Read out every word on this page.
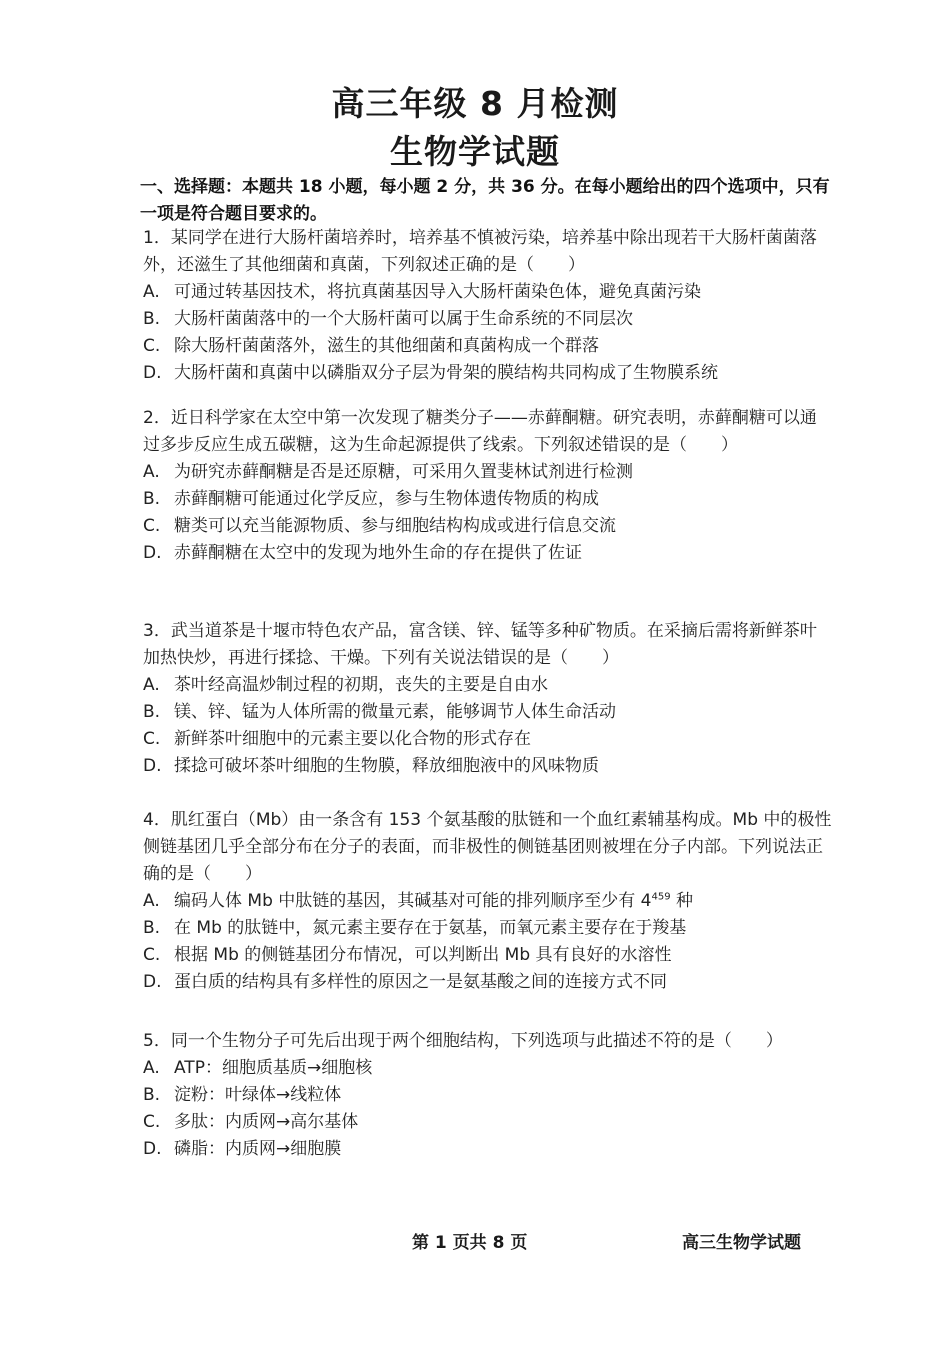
高三年级 8 月检测
生物学试题
一、选择题：本题共 18 小题，每小题 2 分，共 36 分。在每小题给出的四个选项中，只有一项是符合题目要求的。

1．某同学在进行大肠杆菌培养时，培养基不慎被污染，培养基中除出现若干大肠杆菌菌落外，还滋生了其他细菌和真菌，下列叙述正确的是（　　）

A. 可通过转基因技术，将抗真菌基因导入大肠杆菌染色体，避免真菌污染
B. 大肠杆菌菌落中的一个大肠杆菌可以属于生命系统的不同层次
C. 除大肠杆菌菌落外，滋生的其他细菌和真菌构成一个群落
D. 大肠杆菌和真菌中以磷脂双分子层为骨架的膜结构共同构成了生物膜系统

2．近日科学家在太空中第一次发现了糖类分子——赤藓酮糖。研究表明，赤藓酮糖可以通过多步反应生成五碳糖，这为生命起源提供了线索。下列叙述错误的是（　　）

A. 为研究赤藓酮糖是否是还原糖，可采用久置斐林试剂进行检测
B. 赤藓酮糖可能通过化学反应，参与生物体遗传物质的构成
C. 糖类可以充当能源物质、参与细胞结构构成或进行信息交流
D. 赤藓酮糖在太空中的发现为地外生命的存在提供了佐证

3．武当道茶是十堰市特色农产品，富含镁、锌、锰等多种矿物质。在采摘后需将新鲜茶叶加热快炒，再进行揉捻、干燥。下列有关说法错误的是（　　）

A. 茶叶经高温炒制过程的初期，丧失的主要是自由水
B. 镁、锌、锰为人体所需的微量元素，能够调节人体生命活动
C. 新鲜茶叶细胞中的元素主要以化合物的形式存在
D. 揉捻可破坏茶叶细胞的生物膜，释放细胞液中的风味物质

4．肌红蛋白（Mb）由一条含有 153 个氨基酸的肽链和一个血红素辅基构成。Mb 中的极性侧链基团几乎全部分布在分子的表面，而非极性的侧链基团则被埋在分子内部。下列说法正确的是（　　）

A. 编码人体 Mb 中肽链的基因，其碱基对可能的排列顺序至少有 $4^{459}$ 种
B. 在 Mb 的肽链中，氮元素主要存在于氨基，而氧元素主要存在于羧基
C. 根据 Mb 的侧链基团分布情况，可以判断出 Mb 具有良好的水溶性
D. 蛋白质的结构具有多样性的原因之一是氨基酸之间的连接方式不同

5．同一个生物分子可先后出现于两个细胞结构，下列选项与此描述不符的是（　　）

A. ATP：细胞质基质→细胞核
B. 淀粉：叶绿体→线粒体
C. 多肽：内质网→高尔基体
D. 磷脂：内质网→细胞膜
第 1 页共 8 页	高三生物学试题
